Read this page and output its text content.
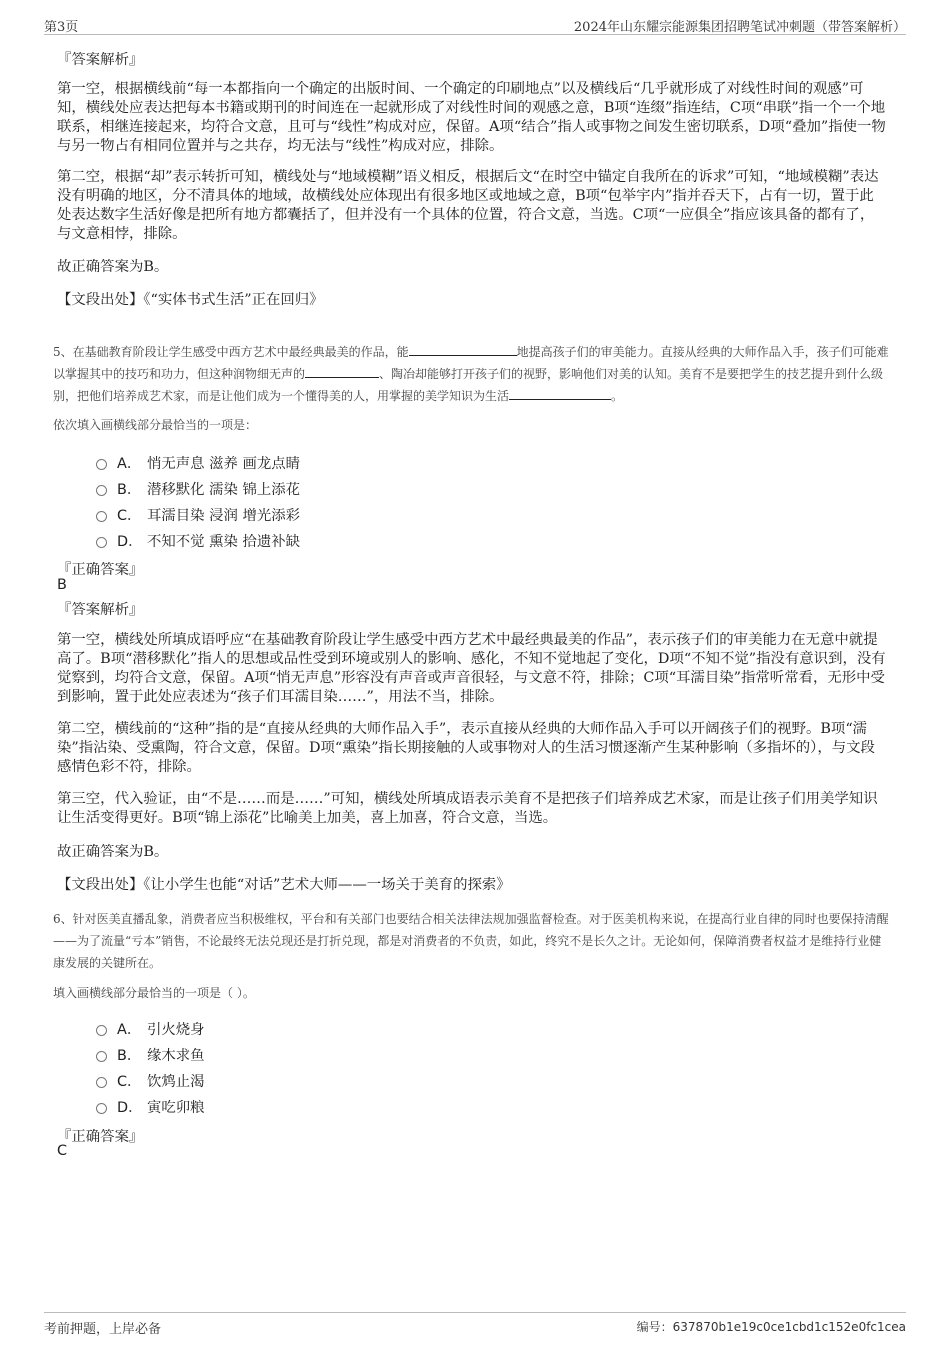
第3页	2024年山东耀宗能源集团招聘笔试冲刺题（带答案解析）
『答案解析』
第一空，根据横线前“每一本都指向一个确定的出版时间、一个确定的印刷地点”以及横线后“几乎就形成了对线性时间的观感”可知，横线处应表达把每本书籍或期刊的时间连在一起就形成了对线性时间的观感之意，B项“连缀”指连结，C项“串联”指一个一个地联系，相继连接起来，均符合文意，且可与“线性”构成对应，保留。A项“结合”指人或事物之间发生密切联系，D项“叠加”指使一物与另一物占有相同位置并与之共存，均无法与“线性”构成对应，排除。
第二空，根据“却”表示转折可知，横线处与“地域模糊”语义相反，根据后文“在时空中锚定自我所在的诉求”可知，“地域模糊”表达没有明确的地区，分不清具体的地域，故横线处应体现出有很多地区或地域之意，B项“包举宇内”指并吞天下，占有一切，置于此处表达数字生活好像是把所有地方都囊括了，但并没有一个具体的位置，符合文意，当选。C项“一应俱全”指应该具备的都有了，与文意相悖，排除。
故正确答案为B。
【文段出处】《“实体书式生活”正在回归》
5、在基础教育阶段让学生感受中西方艺术中最经典最美的作品，能	地提高孩子们的审美能力。直接从经典的大师作品入手，孩子们可能难以掌握其中的技巧和功力，但这种润物细无声的	、陶冶却能够打开孩子们的视野，影响他们对美的认知。美育不是要把学生的技艺提升到什么级别，把他们培养成艺术家，而是让他们成为一个懂得美的人，用掌握的美学知识为生活	。
依次填入画横线部分最恰当的一项是：
A． 悄无声息 滋养 画龙点睛
B． 潜移默化 濡染 锦上添花
C． 耳濡目染 浸润 增光添彩
D． 不知不觉 熏染 拾遗补缺
『正确答案』
B
『答案解析』
第一空，横线处所填成语呼应“在基础教育阶段让学生感受中西方艺术中最经典最美的作品”，表示孩子们的审美能力在无意中就提高了。B项“潜移默化”指人的思想或品性受到环境或别人的影响、感化，不知不觉地起了变化，D项“不知不觉”指没有意识到，没有觉察到，均符合文意，保留。A项“悄无声息”形容没有声音或声音很轻，与文意不符，排除；C项“耳濡目染”指常听常看，无形中受到影响，置于此处应表述为“孩子们耳濡目染……”，用法不当，排除。
第二空，横线前的“这种”指的是“直接从经典的大师作品入手”，表示直接从经典的大师作品入手可以开阔孩子们的视野。B项“濡染”指沾染、受熏陶，符合文意，保留。D项“熏染”指长期接触的人或事物对人的生活习惯逐渐产生某种影响（多指坏的），与文段感情色彩不符，排除。
第三空，代入验证，由“不是……而是……”可知，横线处所填成语表示美育不是把孩子们培养成艺术家，而是让孩子们用美学知识让生活变得更好。B项“锦上添花”比喻美上加美，喜上加喜，符合文意，当选。
故正确答案为B。
【文段出处】《让小学生也能“对话”艺术大师——一场关于美育的探索》
6、针对医美直播乱象，消费者应当积极维权，平台和有关部门也要结合相关法律法规加强监督检查。对于医美机构来说，在提高行业自律的同时也要保持清醒——为了流量“亏本”销售，不论最终无法兑现还是打折兑现，都是对消费者的不负责，如此，终究不是长久之计。无论如何，保障消费者权益才是维持行业健康发展的关键所在。
填入画横线部分最恰当的一项是（ ）。
A． 引火烧身
B． 缘木求鱼
C． 饮鸩止渴
D． 寅吃卯粮
『正确答案』
C
考前押题，上岸必备	编号：637870b1e19c0ce1cbd1c152e0fc1cea
